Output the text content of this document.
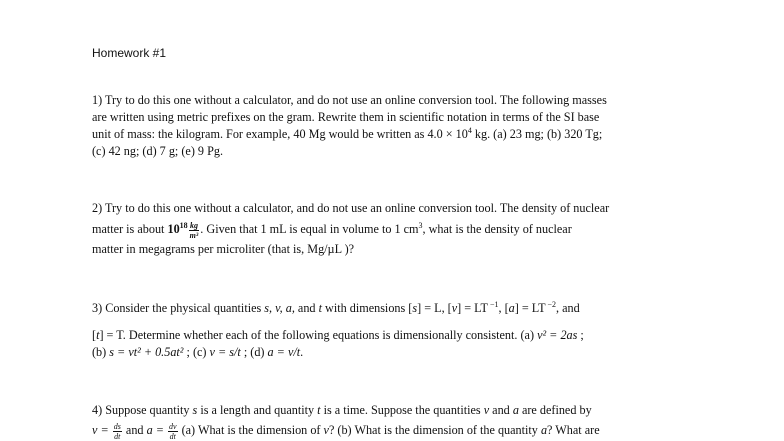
Homework #1
1) Try to do this one without a calculator, and do not use an online conversion tool. The following masses
are written using metric prefixes on the gram. Rewrite them in scientific notation in terms of the SI base
unit of mass: the kilogram. For example, 40 Mg would be written as $4.0 \times 10^4$ kg. (a) 23 mg; (b) 320 Tg;
(c) 42 ng; (d) 7 g; (e) 9 Pg.
2) Try to do this one without a calculator, and do not use an online conversion tool. The density of nuclear
matter is about $10^{18} \frac{kg}{\text{m³}}$ . Given that 1 mL is equal in volume to 1 $cm^3$, what is the density of nuclear
matter in megagrams per microliter (that is, Mg/µL )?
3) Consider the physical quantities s, v, a, and t with dimensions [s] = L, [v] = LT $^{-1}$, [a] = LT $^{-2}$, and
[t] = T. Determine whether each of the following equations is dimensionally consistent. (a) v² = 2as ;
(b) s = vt² + 0.5at² ; (c) v = s/t ; (d) a = v/t.
4) Suppose quantity s is a length and quantity t is a time. Suppose the quantities v and a are defined by
$v = \frac{ds}{dt}$ and $a = \frac{dv}{dt} (a)$ What is the dimension of v? (b) What is the dimension of the quantity a? What are
